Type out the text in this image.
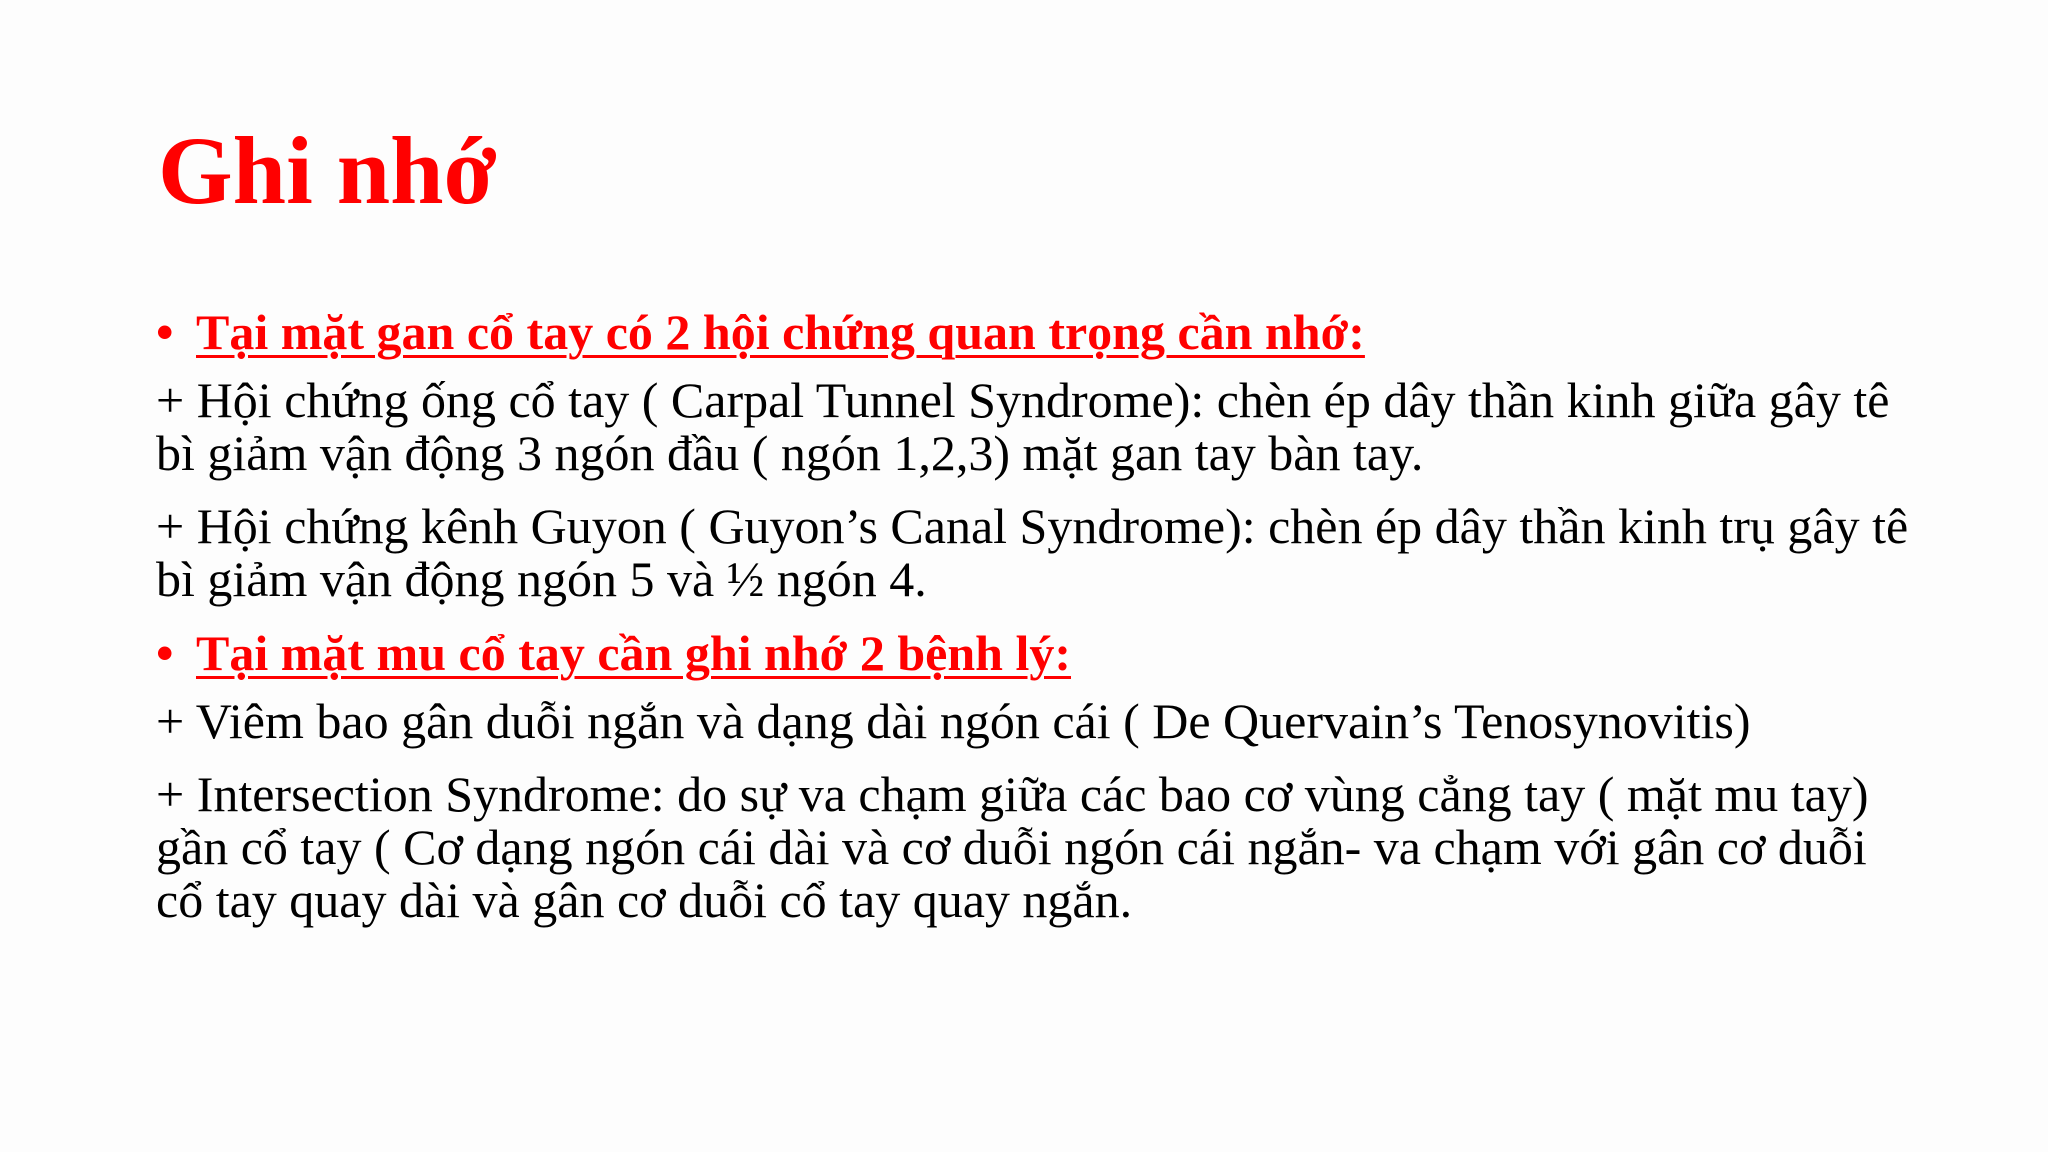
Ghi nhớ
• Tại mặt gan cổ tay có 2 hội chứng quan trọng cần nhớ:

+ Hội chứng ống cổ tay ( Carpal Tunnel Syndrome): chèn ép dây thần kinh giữa gây tê bì giảm vận động 3 ngón đầu ( ngón 1,2,3) mặt gan tay bàn tay.

+ Hội chứng kênh Guyon ( Guyon’s Canal Syndrome): chèn ép dây thần kinh trụ gây tê bì giảm vận động ngón 5 và ½ ngón 4.

• Tại mặt mu cổ tay cần ghi nhớ 2 bệnh lý:

+ Viêm bao gân duỗi ngắn và dạng dài ngón cái ( De Quervain’s Tenosynovitis)

+ Intersection Syndrome: do sự va chạm giữa các bao cơ vùng cẳng tay ( mặt mu tay) gần cổ tay ( Cơ dạng ngón cái dài và cơ duỗi ngón cái ngắn- va chạm với gân cơ duỗi cổ tay quay dài và gân cơ duỗi cổ tay quay ngắn.
